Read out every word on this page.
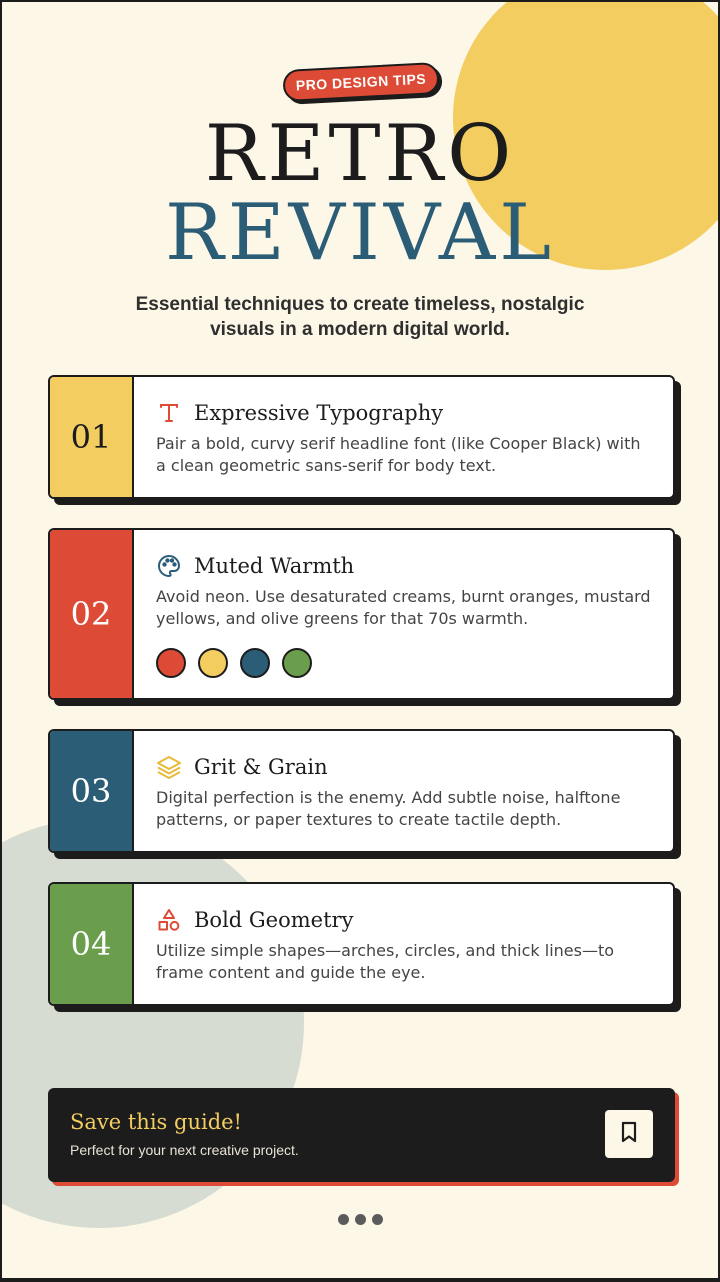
PRO DESIGN TIPS
RETRO
REVIVAL
Essential techniques to create timeless, nostalgic visuals in a modern digital world.
01
Expressive Typography
Pair a bold, curvy serif headline font (like Cooper Black) with a clean geometric sans-serif for body text.
02
Muted Warmth
Avoid neon. Use desaturated creams, burnt oranges, mustard yellows, and olive greens for that 70s warmth.
03
Grit & Grain
Digital perfection is the enemy. Add subtle noise, halftone patterns, or paper textures to create tactile depth.
04
Bold Geometry
Utilize simple shapes—arches, circles, and thick lines—to frame content and guide the eye.
Save this guide!
Perfect for your next creative project.
